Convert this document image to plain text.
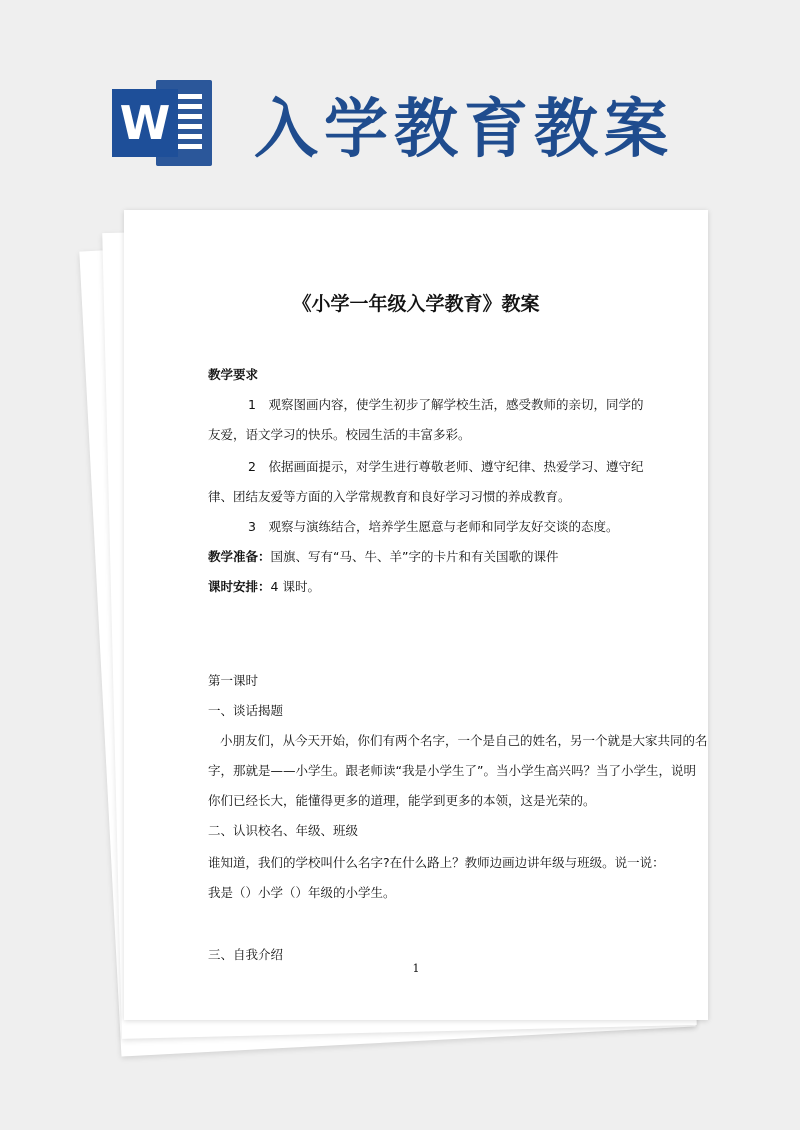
W 入学教育教案
《小学一年级入学教育》教案
教学要求
1　观察图画内容，使学生初步了解学校生活，感受教师的亲切，同学的
友爱，语文学习的快乐。校园生活的丰富多彩。
2　依据画面提示，对学生进行尊敬老师、遵守纪律、热爱学习、遵守纪
律、团结友爱等方面的入学常规教育和良好学习习惯的养成教育。
3　观察与演练结合，培养学生愿意与老师和同学友好交谈的态度。
教学准备：国旗、写有“马、牛、羊”字的卡片和有关国歌的课件
课时安排：4 课时。
第一课时
一、谈话揭题
小朋友们，从今天开始，你们有两个名字，一个是自己的姓名，另一个就是大家共同的名
字，那就是——小学生。跟老师读“我是小学生了”。当小学生高兴吗？当了小学生，说明
你们已经长大，能懂得更多的道理，能学到更多的本领，这是光荣的。
二、认识校名、年级、班级
谁知道，我们的学校叫什么名字?在什么路上？教师边画边讲年级与班级。说一说：
我是（）小学（）年级的小学生。
三、自我介绍
1
